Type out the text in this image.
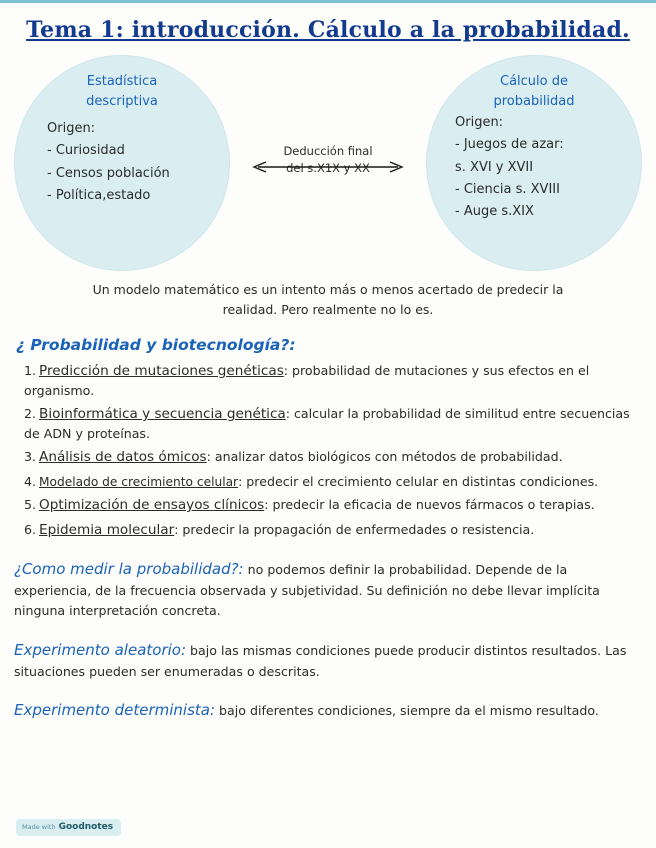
Tema 1: introducción. Cálculo a la probabilidad.
Estadística
descriptiva
Origen:
- Curiosidad
- Censos población
- Política,estado
Cálculo de
probabilidad
Origen:
- Juegos de azar:
s. XVI y XVII
- Ciencia s. XVIII
- Auge s.XIX
Deducción final
del s.X1X y XX

Un modelo matemático es un intento más o menos acertado de predecir la realidad. Pero realmente no lo es.

¿ Probabilidad y biotecnología?:
1. Predicción de mutaciones genéticas: probabilidad de mutaciones y sus efectos en el organismo.
2. Bioinformática y secuencia genética: calcular la probabilidad de similitud entre secuencias de ADN y proteínas.
3. Análisis de datos ómicos: analizar datos biológicos con métodos de probabilidad.
4. Modelado de crecimiento celular: predecir el crecimiento celular en distintas condiciones.
5. Optimización de ensayos clínicos: predecir la eficacia de nuevos fármacos o terapias.
6. Epidemia molecular: predecir la propagación de enfermedades o resistencia.
¿Como medir la probabilidad?: no podemos definir la probabilidad. Depende de la experiencia, de la frecuencia observada y subjetividad. Su definición no debe llevar implícita ninguna interpretación concreta.
Experimento aleatorio: bajo las mismas condiciones puede producir distintos resultados. Las situaciones pueden ser enumeradas o descritas.
Experimento determinista: bajo diferentes condiciones, siempre da el mismo resultado.
Made with Goodnotes
